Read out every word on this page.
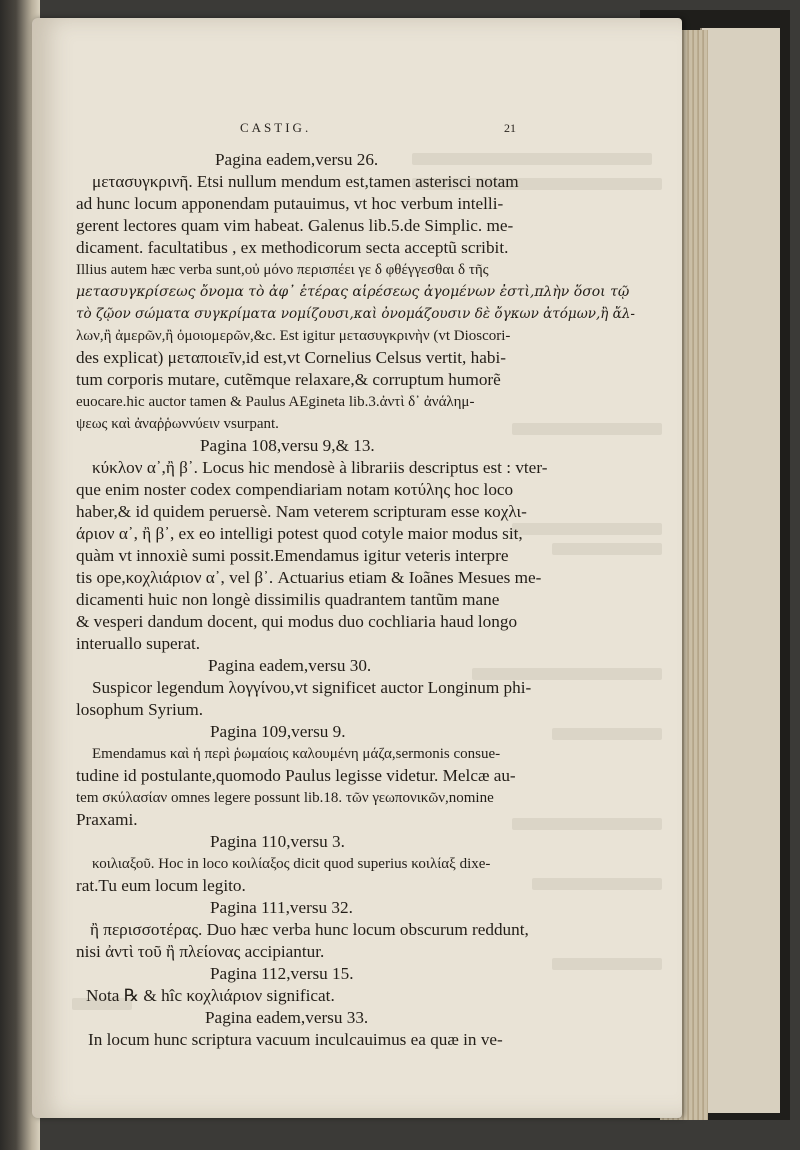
CASTIG.	21
Pagina eadem,versu 26.
μετασυγκρινῆ. Etsi nullum mendum est,tamen asterisci notam
ad hunc locum apponendam putauimus, vt hoc verbum intelli-
gerent lectores quam vim habeat. Galenus lib.5.de Simplic. me-
dicament. facultatibus , ex methodicorum secta acceptũ scribit.
Illius autem hæc verba sunt,οὐ μόνο περισπέει γε δ φθέγγεσθαι δ τῆς
μετασυγκρίσεως ὄνομα τὸ ἀφ᾽ ἑτέρας αἱρέσεως ἀγομένων ἐστὶ,πλὴν ὅσοι τῷ
τὸ ζῷον σώματα συγκρίματα νομίζουσι,καὶ ὀνομάζουσιν δὲ ὄγκων ἀτόμων,ἢ ἄλ-
λων,ἢ ἀμερῶν,ἢ ὁμοιομερῶν,&c. Est igitur μετασυγκρινὴν (vt Dioscori-
des explicat) μεταποιεῖν,id est,vt Cornelius Celsus vertit, habi-
tum corporis mutare, cutẽmque relaxare,& corruptum humorẽ
euocare.hic auctor tamen & Paulus AEgineta lib.3.ἀντὶ δ᾽ ἀνάλημ-
ψεως καὶ ἀναῤῥωννύειν vsurpant.
Pagina 108,versu 9,& 13.
κύκλον α᾽,ἢ β᾽. Locus hic mendosè à librariis descriptus est : vter-
que enim noster codex compendiariam notam κοτύλης hoc loco
haber,& id quidem peruersè. Nam veterem scripturam esse κοχλι-
άριον α᾽, ἢ β᾽, ex eo intelligi potest quod cotyle maior modus sit,
quàm vt innoxiè sumi possit.Emendamus igitur veteris interpre
tis ope,κοχλιάριον α᾽, vel β᾽. Actuarius etiam & Ioãnes Mesues me-
dicamenti huic non longè dissimilis quadrantem tantũm mane
& vesperi dandum docent, qui modus duo cochliaria haud longo
interuallo superat.
Pagina eadem,versu 30.
Suspicor legendum λογγίνου,vt significet auctor Longinum phi-
losophum Syrium.
Pagina 109,versu 9.
Emendamus καὶ ἡ περὶ ῥωμαίοις καλουμένη μάζα,sermonis consue-
tudine id postulante,quomodo Paulus legisse videtur. Melcæ au-
tem σκύλασίαν omnes legere possunt lib.18. τῶν γεωπονικῶν,nomine
Praxami.
Pagina 110,versu 3.
κοιλιαξοῦ. Hoc in loco κοιλίαξος dicit quod superius κοιλίαξ dixe-
rat.Tu eum locum legito.
Pagina 111,versu 32.
ἢ περισσοτέρας. Duo hæc verba hunc locum obscurum reddunt,
nisi ἀντὶ τοῦ ἢ πλείονας accipiantur.
Pagina 112,versu 15.
Nota ℞ & hîc κοχλιάριον significat.
Pagina eadem,versu 33.
In locum hunc scriptura vacuum inculcauimus ea quæ in ve-
